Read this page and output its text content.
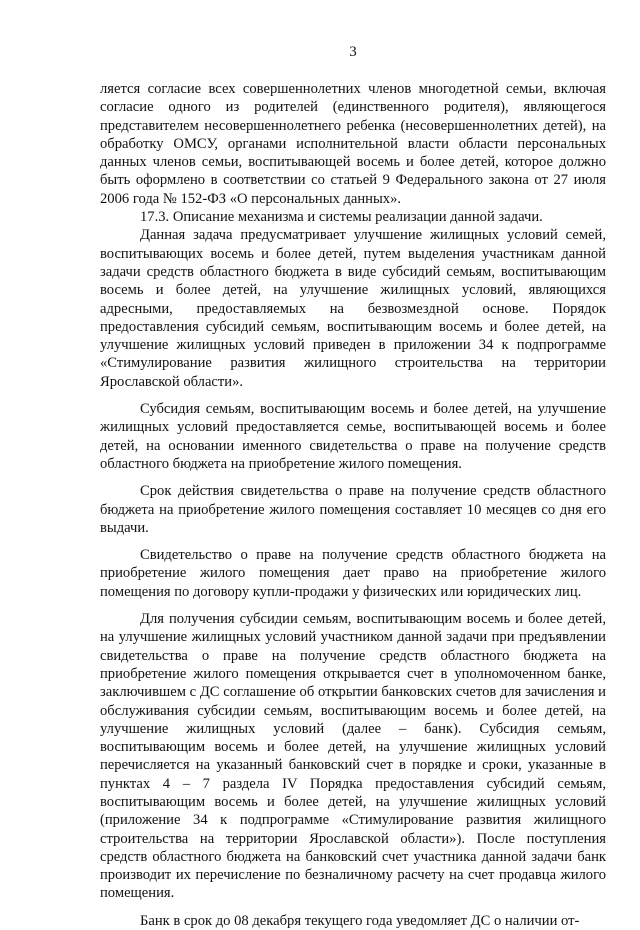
3

ляется согласие всех совершеннолетних членов многодетной семьи, включая согласие одного из родителей (единственного родителя), являющегося представителем несовершеннолетнего ребенка (несовершеннолетних детей), на обработку ОМСУ, органами исполнительной власти области персональных данных членов семьи, воспитывающей восемь и более детей, которое должно быть оформлено в соответствии со статьей 9 Федерального закона от 27 июля 2006 года № 152-ФЗ «О персональных данных».

17.3. Описание механизма и системы реализации данной задачи.

Данная задача предусматривает улучшение жилищных условий семей, воспитывающих восемь и более детей, путем выделения участникам данной задачи средств областного бюджета в виде субсидий семьям, воспитывающим восемь и более детей, на улучшение жилищных условий, являющихся адресными, предоставляемых на безвозмездной основе. Порядок предоставления субсидий семьям, воспитывающим восемь и более детей, на улучшение жилищных условий приведен в приложении 34 к подпрограмме «Стимулирование развития жилищного строительства на территории Ярославской области».

Субсидия семьям, воспитывающим восемь и более детей, на улучшение жилищных условий предоставляется семье, воспитывающей восемь и более детей, на основании именного свидетельства о праве на получение средств областного бюджета на приобретение жилого помещения.

Срок действия свидетельства о праве на получение средств областного бюджета на приобретение жилого помещения составляет 10 месяцев со дня его выдачи.

Свидетельство о праве на получение средств областного бюджета на приобретение жилого помещения дает право на приобретение жилого помещения по договору купли-продажи у физических или юридических лиц.

Для получения субсидии семьям, воспитывающим восемь и более детей, на улучшение жилищных условий участником данной задачи при предъявлении свидетельства о праве на получение средств областного бюджета на приобретение жилого помещения открывается счет в уполномоченном банке, заключившем с ДС соглашение об открытии банковских счетов для зачисления и обслуживания субсидии семьям, воспитывающим восемь и более детей, на улучшение жилищных условий (далее – банк). Субсидия семьям, воспитывающим восемь и более детей, на улучшение жилищных условий перечисляется на указанный банковский счет в порядке и сроки, указанные в пунктах 4 – 7 раздела IV Порядка предоставления субсидий семьям, воспитывающим восемь и более детей, на улучшение жилищных условий (приложение 34 к подпрограмме «Стимулирование развития жилищного строительства на территории Ярославской области»). После поступления средств областного бюджета на банковский счет участника данной задачи банк производит их перечисление по безналичному расчету на счет продавца жилого помещения.

Банк в срок до 08 декабря текущего года уведомляет ДС о наличии от-
